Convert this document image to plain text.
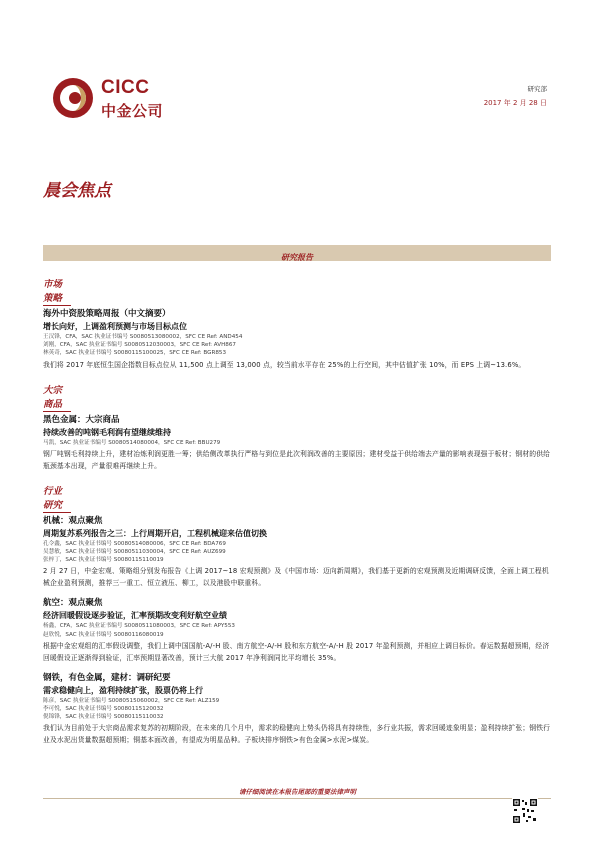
CICC
中金公司
研究部
2017 年 2 月 28 日
晨会焦点
研究报告
市场策略
海外中资股策略周报（中文摘要）
增长向好，上调盈利预测与市场目标点位
王汉锋，CFA，SAC 执业证书编号 S0080513080002，SFC CE Ref: AND454
刘刚，CFA，SAC 执业证书编号 S0080512030003，SFC CE Ref: AVH867
林英奇，SAC 执业证书编号 S0080115100025，SFC CE Ref: BGR853
我们将 2017 年底恒生国企指数目标点位从 11,500 点上调至 13,000 点，较当前水平存在 25%的上行空间，其中估值扩张 10%，而 EPS 上调~13.6%。
大宗商品
黑色金属：大宗商品
持续改善的吨钢毛利润有望继续维持
马凯，SAC 执业证书编号 S0080514080004，SFC CE Ref: BBU279
钢厂吨钢毛利持续上升，建材冶炼利润更胜一筹；供给侧改革执行严格与到位是此次利润改善的主要原因；建材受益于供给端去产量的影响表现强于板材；钢材的供给瓶颈基本出现，产量很难再继续上升。
行业研究
机械：观点聚焦
周期复苏系列报告之三：上行周期开启，工程机械迎来估值切换
孔令鑫，SAC 执业证书编号 S0080514080006，SFC CE Ref: BDA769
吴慧敏，SAC 执业证书编号 S0080511030004，SFC CE Ref: AUZ699
张梓丁，SAC 执业证书编号 S0080115110019
2 月 27 日，中金宏观、策略组分别发布报告《上调 2017~18 宏观预测》及《中国市场：迈向新周期》，我们基于更新的宏观预测及近期调研反馈，全面上调工程机械企业盈利预测，推荐三一重工、恒立液压、柳工，以及港股中联重科。
航空：观点聚焦
经济回暖假设逐步验证，汇率预期改变利好航空业绩
杨鑫，CFA，SAC 执业证书编号 S0080511080003，SFC CE Ref: APY553
赵欣悦，SAC 执业证书编号 S0080116080019
根据中金宏观组的汇率假设调整，我们上调中国国航-A/-H 股、南方航空-A/-H 股和东方航空-A/-H 股 2017 年盈利预测，并相应上调目标价。春运数据超预期，经济回暖假设正逐渐得到验证，汇率预期显著改善，预计三大航 2017 年净利润同比平均增长 35%。
钢铁，有色金属，建材：调研纪要
需求稳健向上，盈利持续扩张，股票仍将上行
陈彦，SAC 执业证书编号 S0080515060002，SFC CE Ref: ALZ159
李可悦，SAC 执业证书编号 S0080115120032
倪锦锋，SAC 执业证书编号 S0080115110032
我们认为目前处于大宗商品需求复苏的初期阶段，在未来的几个月中，需求的稳健向上势头仍将具有持续性，多行业共振，需求回暖迹象明显；盈利持续扩张；钢铁行业及水泥出货量数据超预期；铜基本面改善，有望成为明星品种。子板块排序钢铁>有色金属>水泥>煤炭。
请仔细阅读在本报告尾部的重要法律声明
